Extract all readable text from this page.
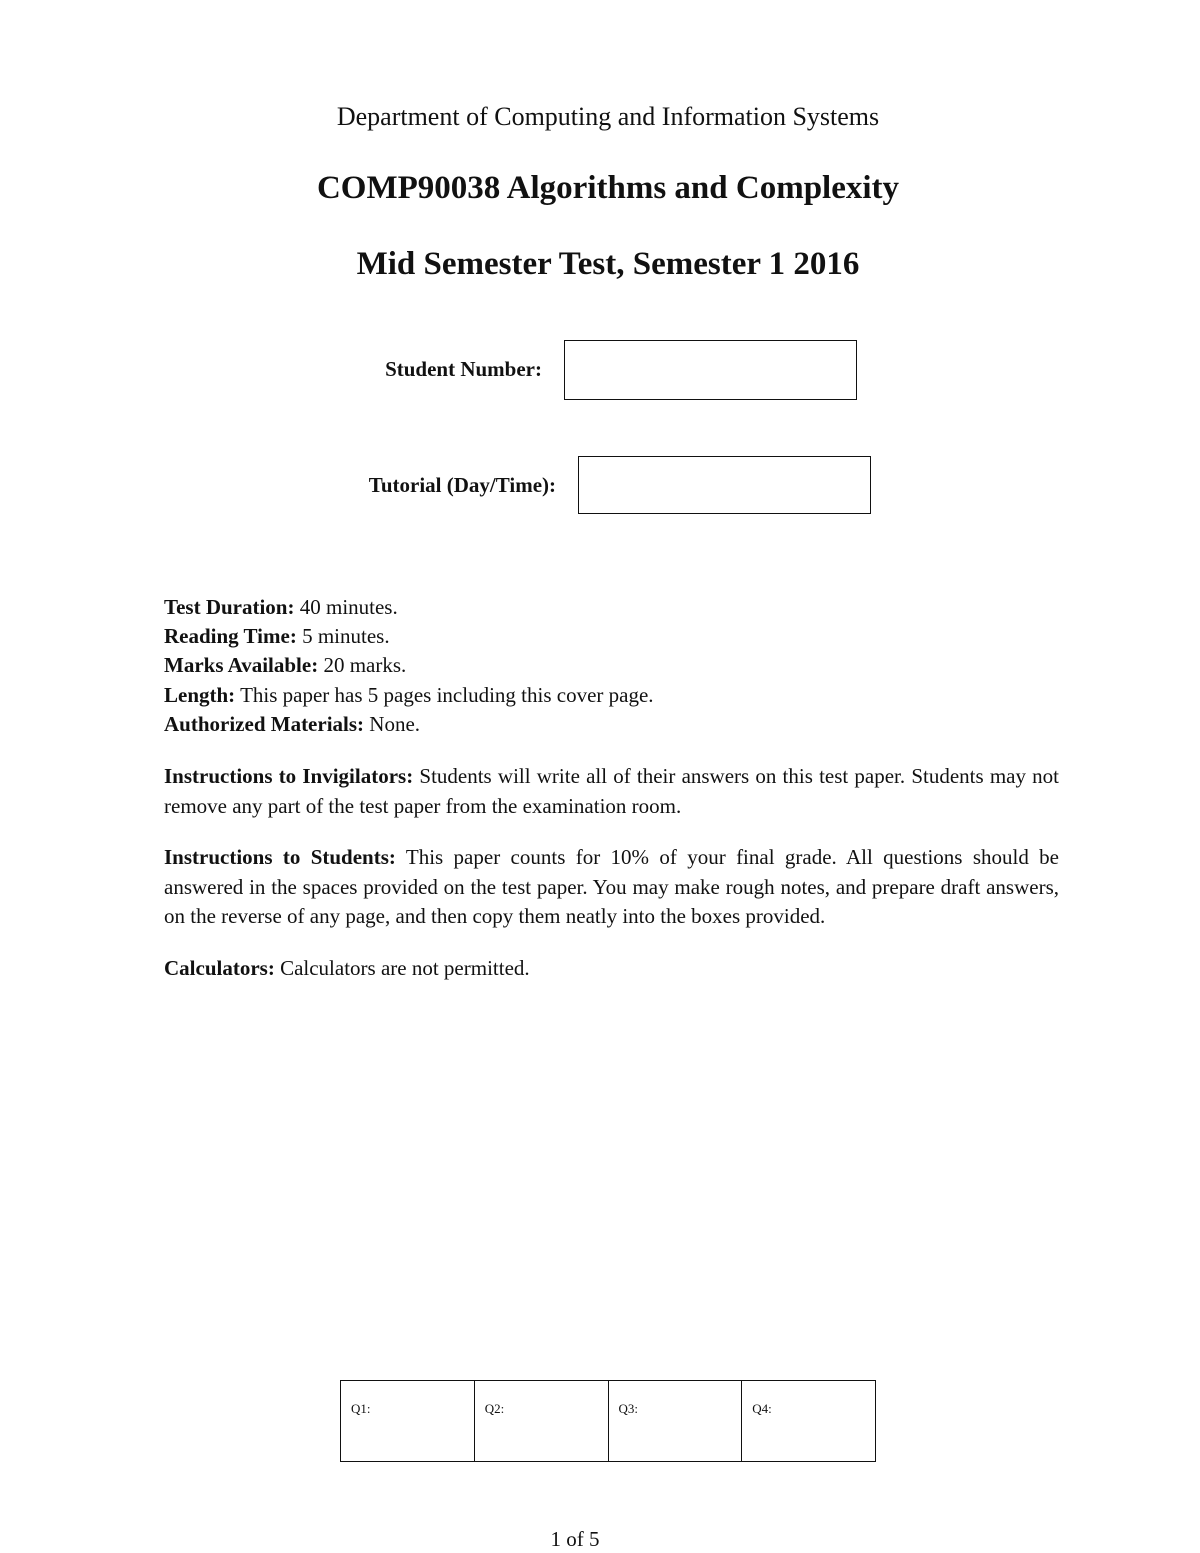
Department of Computing and Information Systems
COMP90038 Algorithms and Complexity
Mid Semester Test, Semester 1 2016
Student Number:
Tutorial (Day/Time):
Test Duration: 40 minutes.
Reading Time: 5 minutes.
Marks Available: 20 marks.
Length: This paper has 5 pages including this cover page.
Authorized Materials: None.
Instructions to Invigilators: Students will write all of their answers on this test paper. Students may not remove any part of the test paper from the examination room.
Instructions to Students: This paper counts for 10% of your final grade. All questions should be answered in the spaces provided on the test paper. You may make rough notes, and prepare draft answers, on the reverse of any page, and then copy them neatly into the boxes provided.
Calculators: Calculators are not permitted.
Q1:	Q2:	Q3:	Q4:
1 of 5
